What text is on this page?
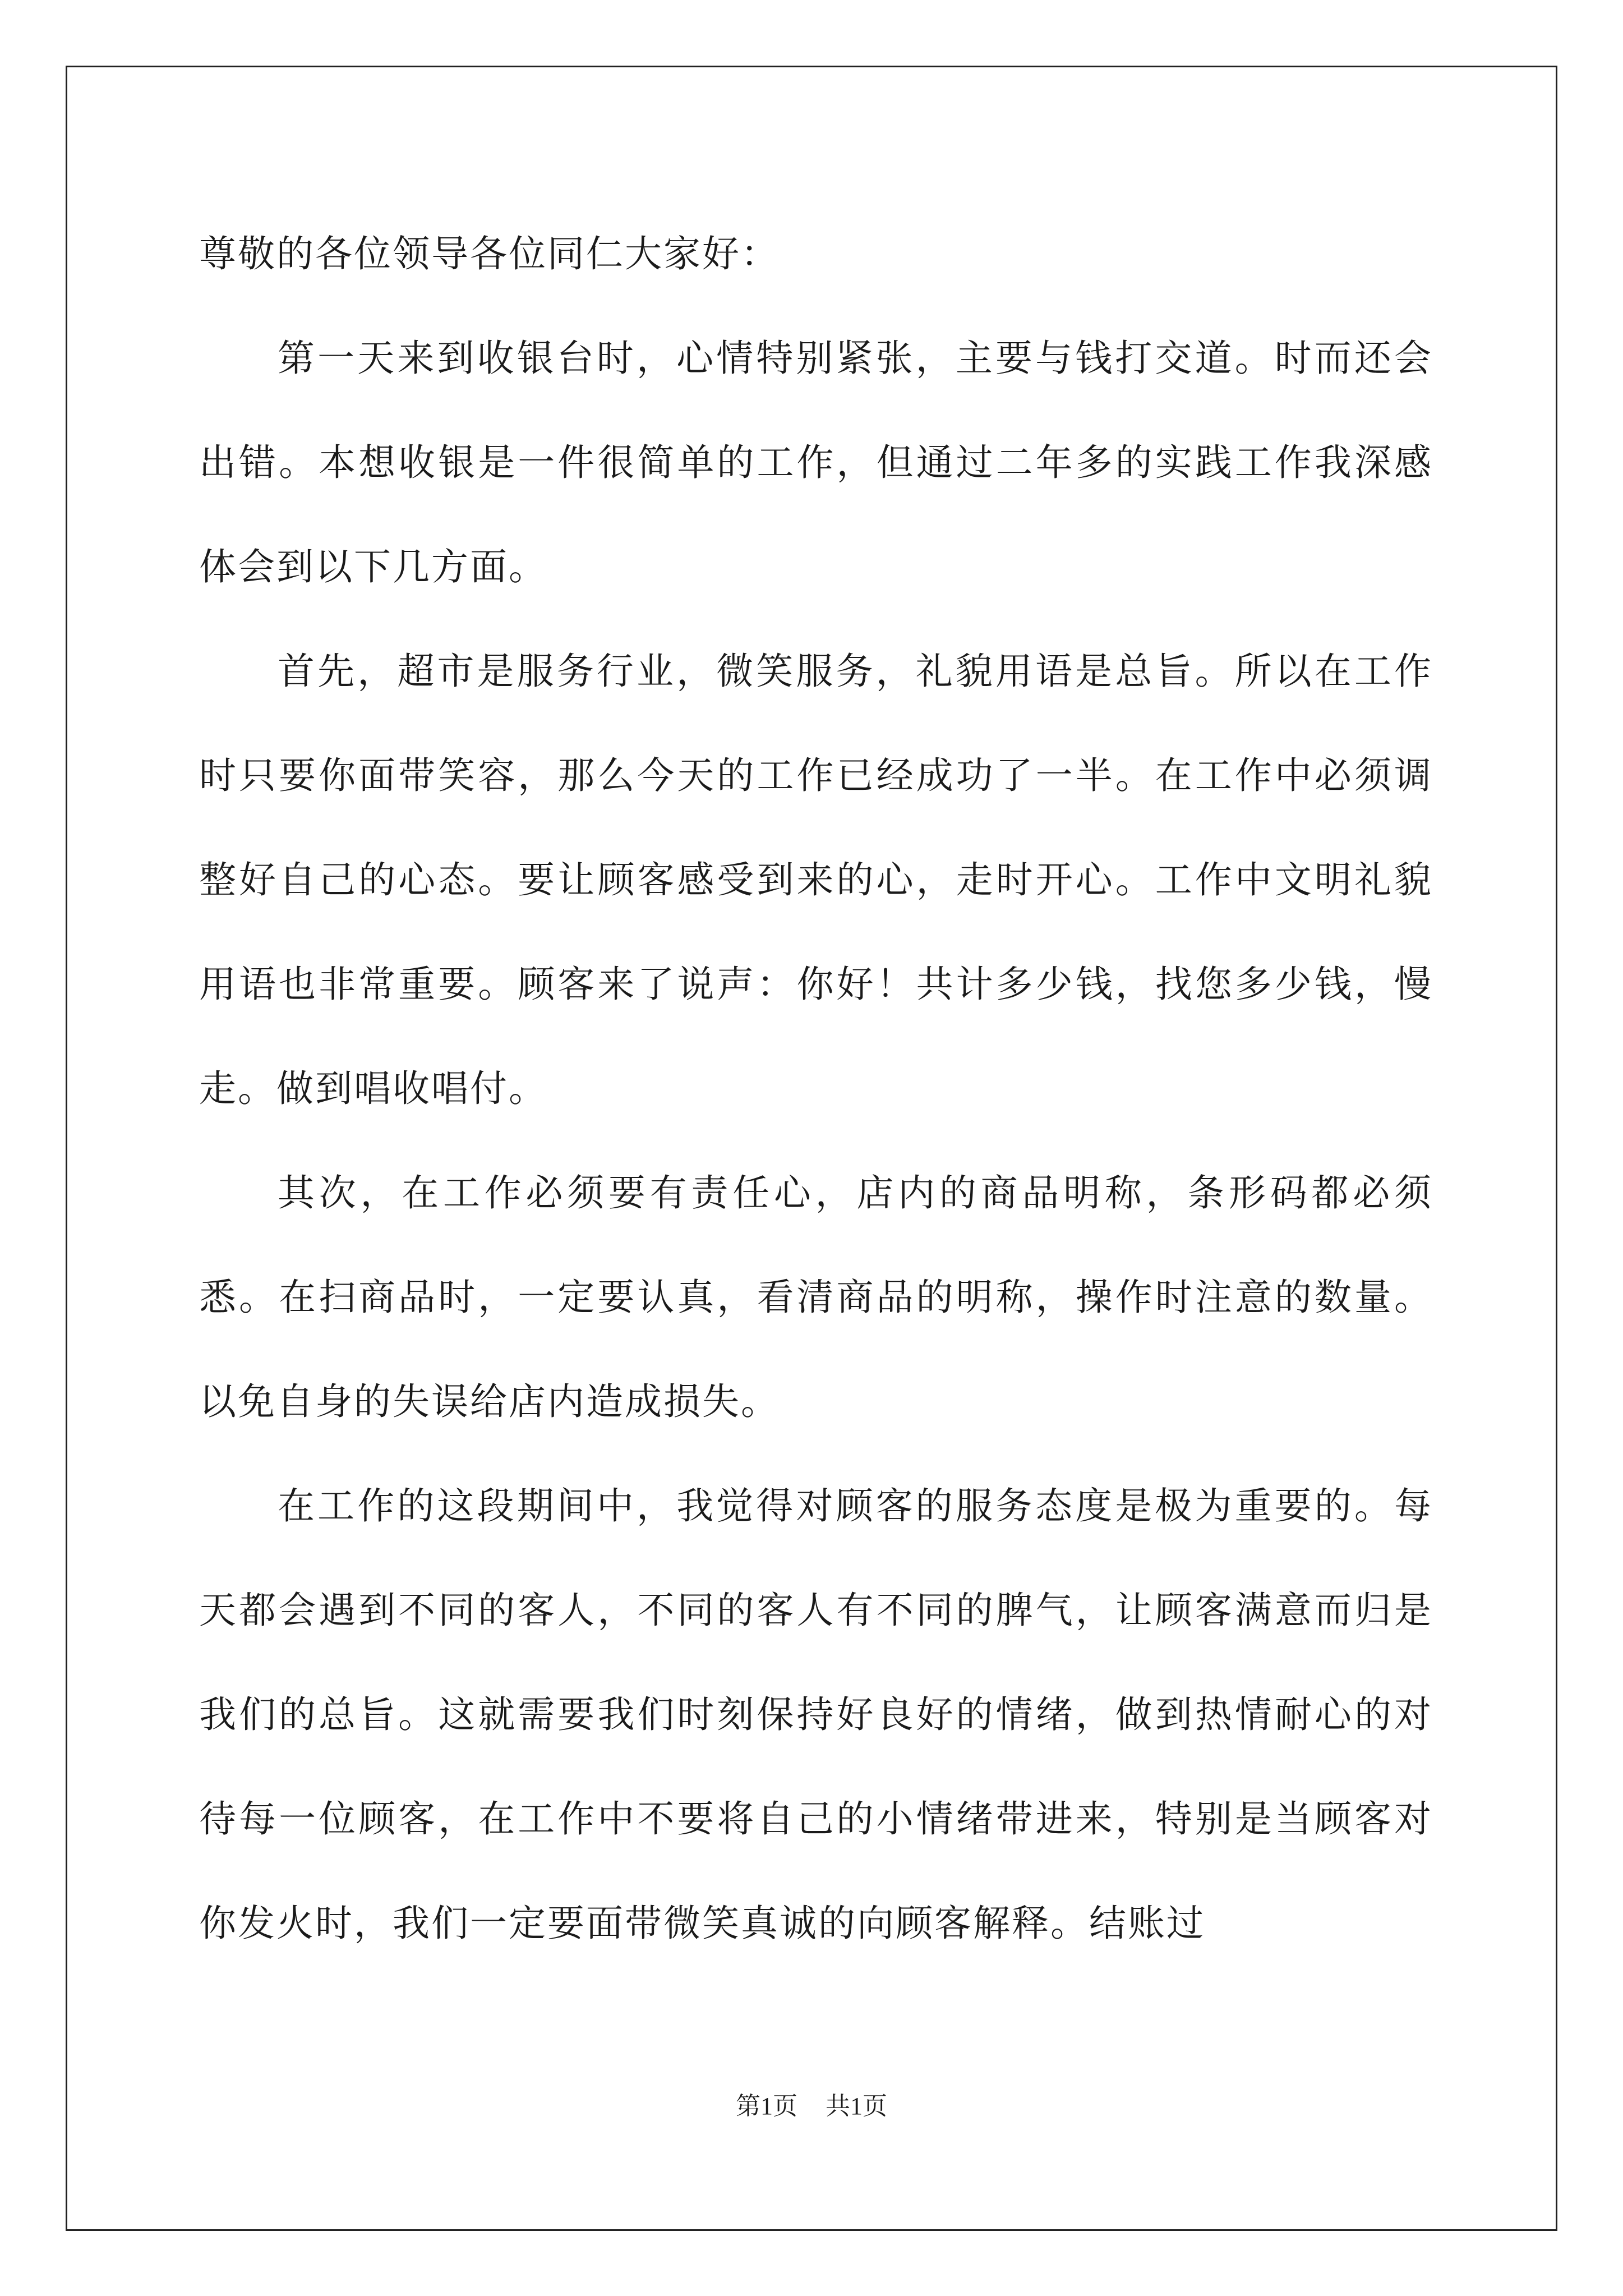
尊敬的各位领导各位同仁大家好：

第一天来到收银台时，心情特别紧张，主要与钱打交道。时而还会出错。本想收银是一件很简单的工作，但通过二年多的实践工作我深感体会到以下几方面。

首先，超市是服务行业，微笑服务，礼貌用语是总旨。所以在工作时只要你面带笑容，那么今天的工作已经成功了一半。在工作中必须调整好自己的心态。要让顾客感受到来的心，走时开心。工作中文明礼貌用语也非常重要。顾客来了说声：你好！共计多少钱，找您多少钱，慢走。做到唱收唱付。

其次，在工作必须要有责任心，店内的商品明称，条形码都必须悉。在扫商品时，一定要认真，看清商品的明称，操作时注意的数量。以免自身的失误给店内造成损失。

在工作的这段期间中，我觉得对顾客的服务态度是极为重要的。每天都会遇到不同的客人，不同的客人有不同的脾气，让顾客满意而归是我们的总旨。这就需要我们时刻保持好良好的情绪，做到热情耐心的对待每一位顾客，在工作中不要将自己的小情绪带进来，特别是当顾客对你发火时，我们一定要面带微笑真诚的向顾客解释。结账过

第1页 共1页
